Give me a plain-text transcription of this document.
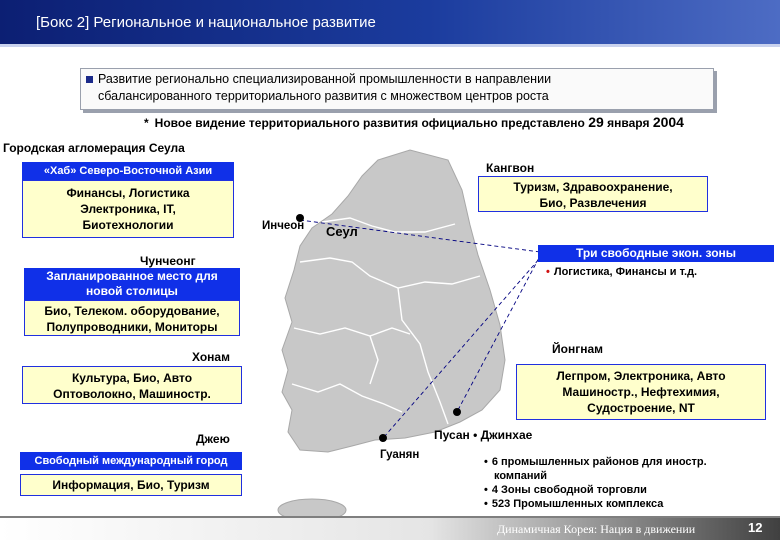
[Бокс 2] Региональное и национальное развитие
Развитие регионально специализированной промышленности в направлении
сбалансированного территориального развития с множеством центров роста
* Новое видение территориального развития официально представлено 29 января 2004
Городская агломерация Сеула
«Хаб» Северо-Восточной Азии
Финансы, Логистика
Электроника, IT,
Биотехнологии	Инчеон Сеул
Гуанян
Пусан • Джинхае
Кангвон
Туризм, Здравоохранение,
Био, Развлечения
Три свободные экон. зоны
• Логистика, Финансы и т.д.
Чунчеонг
Запланированное место для
новой столицы
Био, Телеком. оборудование,
Полупроводники, Мониторы
Хонам
Культура, Био, Авто
Оптоволокно, Машиностр.
Йонгнам
Легпром, Электроника, Авто
Машиностр., Нефтехимия,
Судостроение, NT
Джею
Свободный международный город
Информация, Био, Туризм
• 6 промышленных районов для иностр.
компаний
• 4 Зоны свободной торговли
• 523 Промышленных комплекса
Динамичная Корея: Нация в движении	12
